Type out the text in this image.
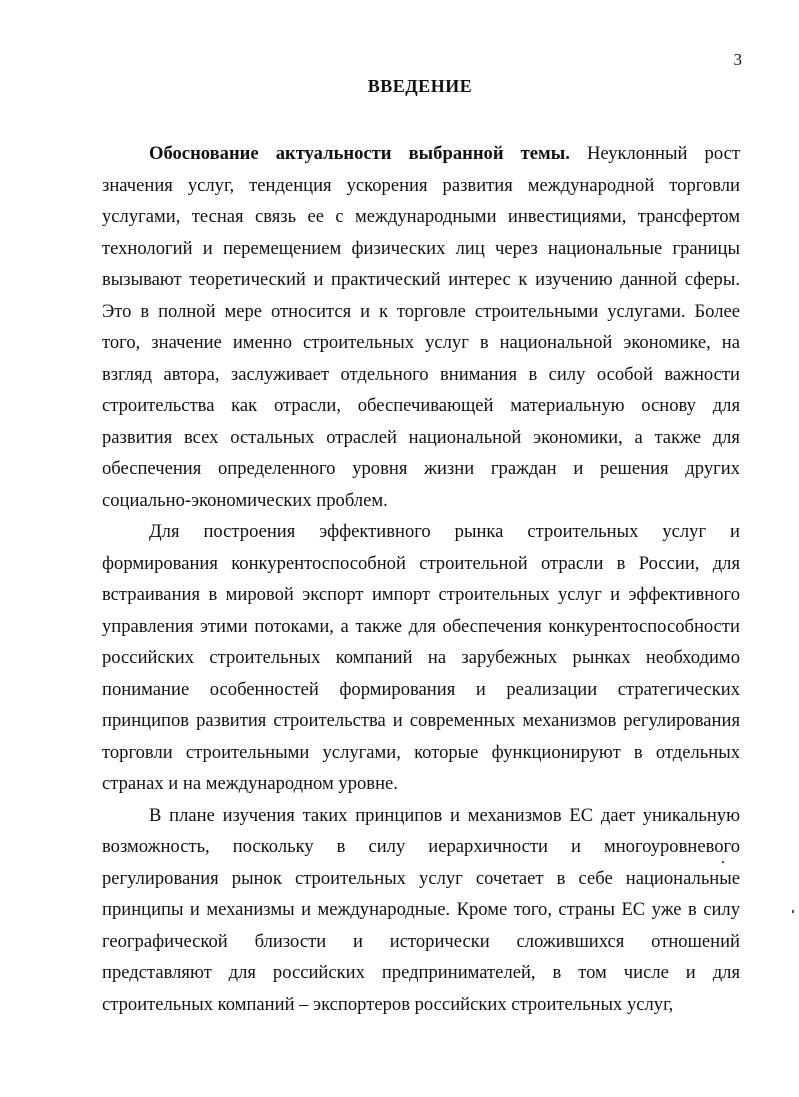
3
ВВЕДЕНИЕ

Обоснование актуальности выбранной темы. Неуклонный рост значения услуг, тенденция ускорения развития международной торговли услугами, тесная связь ее с международными инвестициями, трансфертом технологий и перемещением физических лиц через национальные границы вызывают теоретический и практический интерес к изучению данной сферы. Это в полной мере относится и к торговле строительными услугами. Более того, значение именно строительных услуг в национальной экономике, на взгляд автора, заслуживает отдельного внимания в силу особой важности строительства как отрасли, обеспечивающей материальную основу для развития всех остальных отраслей национальной экономики, а также для обеспечения определенного уровня жизни граждан и решения других социально-экономических проблем.

Для построения эффективного рынка строительных услуг и формирования конкурентоспособной строительной отрасли в России, для встраивания в мировой экспорт импорт строительных услуг и эффективного управления этими потоками, а также для обеспечения конкурентоспособности российских строительных компаний на зарубежных рынках необходимо понимание особенностей формирования и реализации стратегических принципов развития строительства и современных механизмов регулирования торговли строительными услугами, которые функционируют в отдельных странах и на международном уровне.

В плане изучения таких принципов и механизмов ЕС дает уникальную возможность, поскольку в силу иерархичности и многоуровневого регулирования рынок строительных услуг сочетает в себе национальные принципы и механизмы и международные. Кроме того, страны ЕС уже в силу географической близости и исторически сложившихся отношений представляют для российских предпринимателей, в том числе и для строительных компаний – экспортеров российских строительных услуг,
